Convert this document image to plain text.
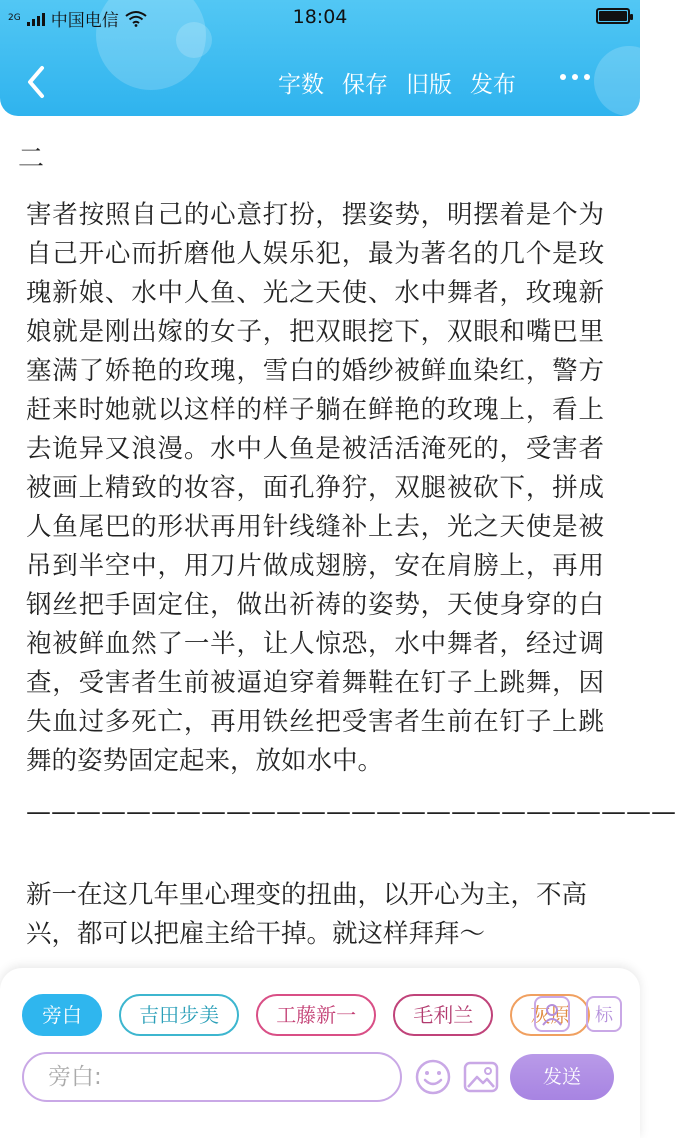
2G 中国电信	18:04
字数 保存 旧版 发布
二
害者按照自己的心意打扮，摆姿势，明摆着是个为自己开心而折磨他人娱乐犯，最为著名的几个是玫瑰新娘、水中人鱼、光之天使、水中舞者，玫瑰新娘就是刚出嫁的女子，把双眼挖下，双眼和嘴巴里塞满了娇艳的玫瑰，雪白的婚纱被鲜血染红，警方赶来时她就以这样的样子躺在鲜艳的玫瑰上，看上去诡异又浪漫。水中人鱼是被活活淹死的，受害者被画上精致的妆容，面孔狰狞，双腿被砍下，拼成人鱼尾巴的形状再用针线缝补上去，光之天使是被吊到半空中，用刀片做成翅膀，安在肩膀上，再用钢丝把手固定住，做出祈祷的姿势，天使身穿的白袍被鲜血然了一半，让人惊恐，水中舞者，经过调查，受害者生前被逼迫穿着舞鞋在钉子上跳舞，因失血过多死亡，再用铁丝把受害者生前在钉子上跳舞的姿势固定起来，放如水中。
——————————————————————————
新一在这几年里心理变的扭曲，以开心为主，不高兴，都可以把雇主给干掉。就这样拜拜～
旁白	吉田步美	工藤新一	毛利兰	灰原	标
旁白:
发送
